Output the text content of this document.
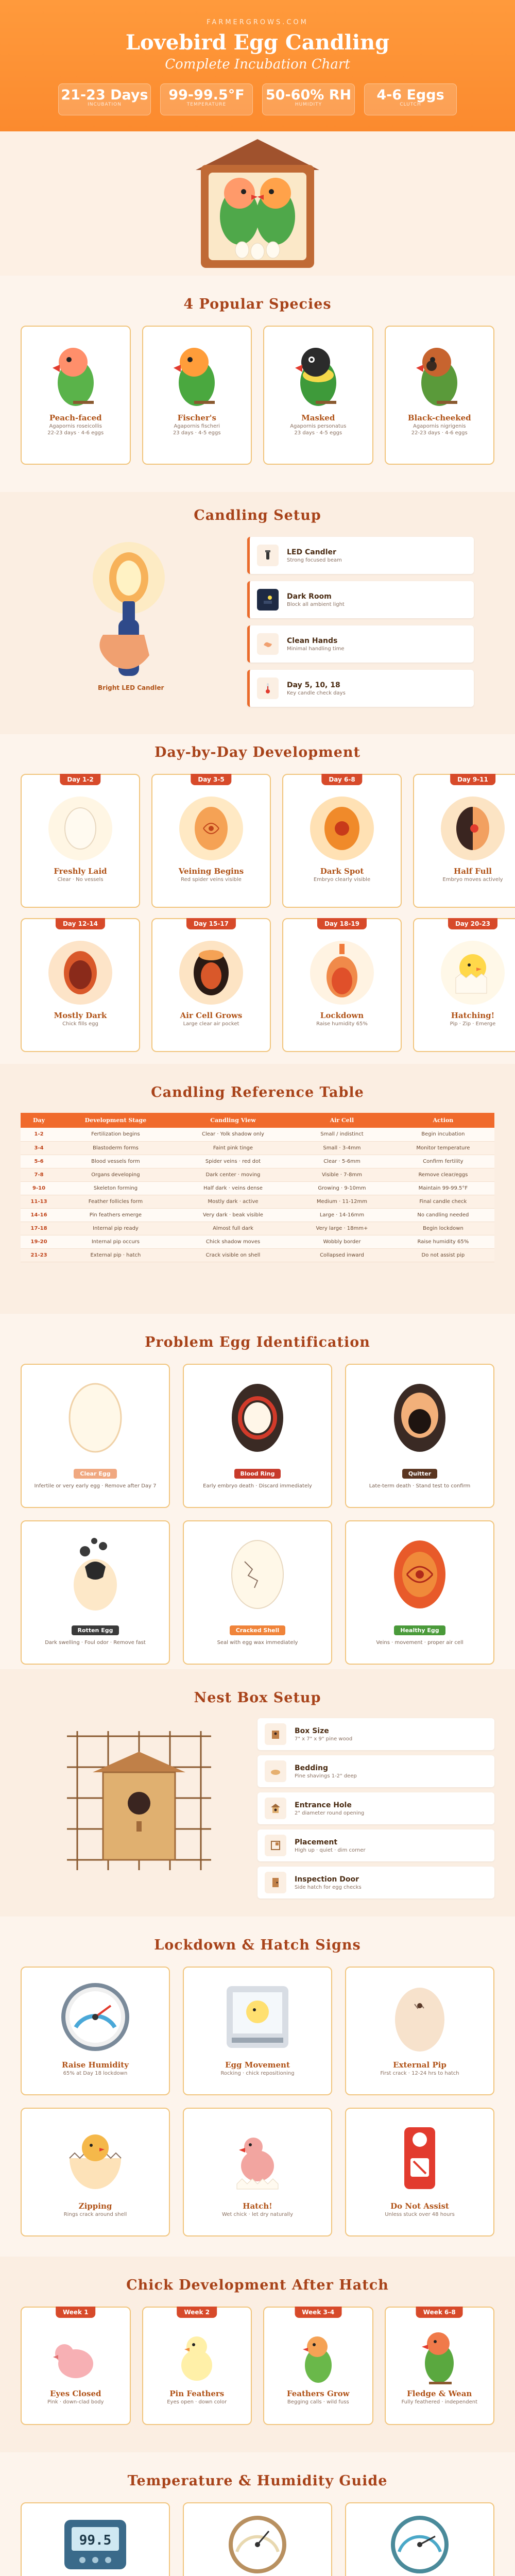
FARMERGROWS.COM
Lovebird Egg Candling
Complete Incubation Chart
21-23 Days
INCUBATION
99-99.5°F
TEMPERATURE
50-60% RH
HUMIDITY
4-6 Eggs
CLUTCH
4 Popular Species
Peach-faced
Agapornis roseicollis
22-23 days · 4-6 eggs
Fischer's
Agapornis fischeri
23 days · 4-5 eggs
Masked
Agapornis personatus
23 days · 4-5 eggs
Black-cheeked
Agapornis nigrigenis
22-23 days · 4-6 eggs
Candling Setup
Bright LED Candler
LED Candler
Strong focused beam
Dark Room
Block all ambient light
Clean Hands
Minimal handling time
Day 5, 10, 18
Key candle check days
Day-by-Day Development
Day 1-2
Freshly Laid
Clear · No vessels
Day 3-5
Veining Begins
Red spider veins visible
Day 6-8
Dark Spot
Embryo clearly visible
Day 9-11
Half Full
Embryo moves actively
Day 12-14
Mostly Dark
Chick fills egg
Day 15-17
Air Cell Grows
Large clear air pocket
Day 18-19
Lockdown
Raise humidity 65%
Day 20-23
Hatching!
Pip · Zip · Emerge
Candling Reference Table
Day	Development Stage	Candling View	Air Cell	Action
1-2	Fertilization begins	Clear · Yolk shadow only	Small / indistinct	Begin incubation
3-4	Blastoderm forms	Faint pink tinge	Small · 3-4mm	Monitor temperature
5-6	Blood vessels form	Spider veins · red dot	Clear · 5-6mm	Confirm fertility
7-8	Organs developing	Dark center · moving	Visible · 7-8mm	Remove clear/eggs
9-10	Skeleton forming	Half dark · veins dense	Growing · 9-10mm	Maintain 99-99.5°F
11-13	Feather follicles form	Mostly dark · active	Medium · 11-12mm	Final candle check
14-16	Pin feathers emerge	Very dark · beak visible	Large · 14-16mm	No candling needed
17-18	Internal pip ready	Almost full dark	Very large · 18mm+	Begin lockdown
19-20	Internal pip occurs	Chick shadow moves	Wobbly border	Raise humidity 65%
21-23	External pip · hatch	Crack visible on shell	Collapsed inward	Do not assist pip
Problem Egg Identification
Clear Egg
Infertile or very early egg · Remove after Day 7
Blood Ring
Early embryo death · Discard immediately
Quitter
Late-term death · Stand test to confirm
Rotten Egg
Dark swelling · Foul odor · Remove fast
Cracked Shell
Seal with egg wax immediately
Healthy Egg
Veins · movement · proper air cell
Nest Box Setup
Box Size
7" x 7" x 9" pine wood
Bedding
Pine shavings 1-2" deep
Entrance Hole
2" diameter round opening
Placement
High up · quiet · dim corner
Inspection Door
Side hatch for egg checks
Lockdown & Hatch Signs
Raise Humidity
65% at Day 18 lockdown
Egg Movement
Rocking · chick repositioning
External Pip
First crack · 12-24 hrs to hatch
Zipping
Rings crack around shell
Hatch!
Wet chick · let dry naturally
Do Not Assist
Unless stuck over 48 hours
Chick Development After Hatch
Week 1
Eyes Closed
Pink · down-clad body
Week 2
Pin Feathers
Eyes open · down color
Week 3-4
Feathers Grow
Begging calls · wild fuss
Week 6-8
Fledge & Wean
Fully feathered · independent
Temperature & Humidity Guide
99.5
